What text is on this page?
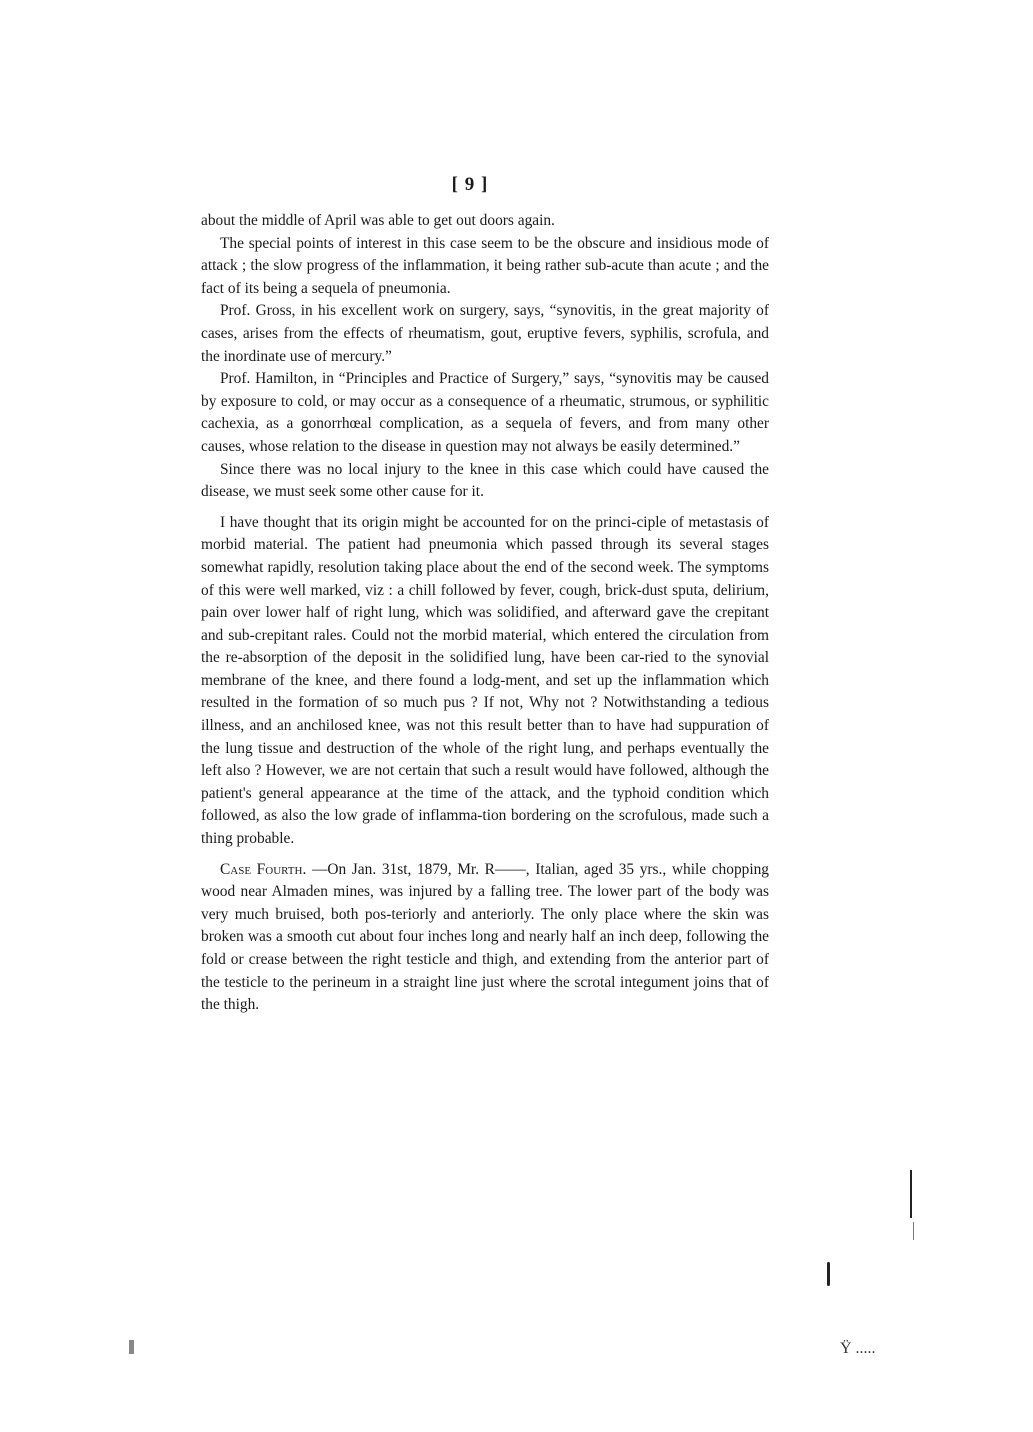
[ 9 ]

about the middle of April was able to get out doors again.

The special points of interest in this case seem to be the obscure and insidious mode of attack ; the slow progress of the inflammation, it being rather sub-acute than acute ; and the fact of its being a sequela of pneumonia.

Prof. Gross, in his excellent work on surgery, says, “synovitis, in the great majority of cases, arises from the effects of rheumatism, gout, eruptive fevers, syphilis, scrofula, and the inordinate use of mercury.”

Prof. Hamilton, in “Principles and Practice of Surgery,” says, “synovitis may be caused by exposure to cold, or may occur as a consequence of a rheumatic, strumous, or syphilitic cachexia, as a gonorrhœal complication, as a sequela of fevers, and from many other causes, whose relation to the disease in question may not always be easily determined.”

Since there was no local injury to the knee in this case which could have caused the disease, we must seek some other cause for it.

I have thought that its origin might be accounted for on the princi-ciple of metastasis of morbid material. The patient had pneumonia which passed through its several stages somewhat rapidly, resolution taking place about the end of the second week. The symptoms of this were well marked, viz : a chill followed by fever, cough, brick-dust sputa, delirium, pain over lower half of right lung, which was solidified, and afterward gave the crepitant and sub-crepitant rales. Could not the morbid material, which entered the circulation from the re-absorption of the deposit in the solidified lung, have been car-ried to the synovial membrane of the knee, and there found a lodg-ment, and set up the inflammation which resulted in the formation of so much pus ? If not, Why not ? Notwithstanding a tedious illness, and an anchilosed knee, was not this result better than to have had suppuration of the lung tissue and destruction of the whole of the right lung, and perhaps eventually the left also ? However, we are not certain that such a result would have followed, although the patient's general appearance at the time of the attack, and the typhoid condition which followed, as also the low grade of inflamma-tion bordering on the scrofulous, made such a thing probable.

Case Fourth. —On Jan. 31st, 1879, Mr. R——, Italian, aged 35 yrs., while chopping wood near Almaden mines, was injured by a falling tree. The lower part of the body was very much bruised, both pos-teriorly and anteriorly. The only place where the skin was broken was a smooth cut about four inches long and nearly half an inch deep, following the fold or crease between the right testicle and thigh, and extending from the anterior part of the testicle to the perineum in a straight line just where the scrotal integument joins that of the thigh.

Ÿ .....
